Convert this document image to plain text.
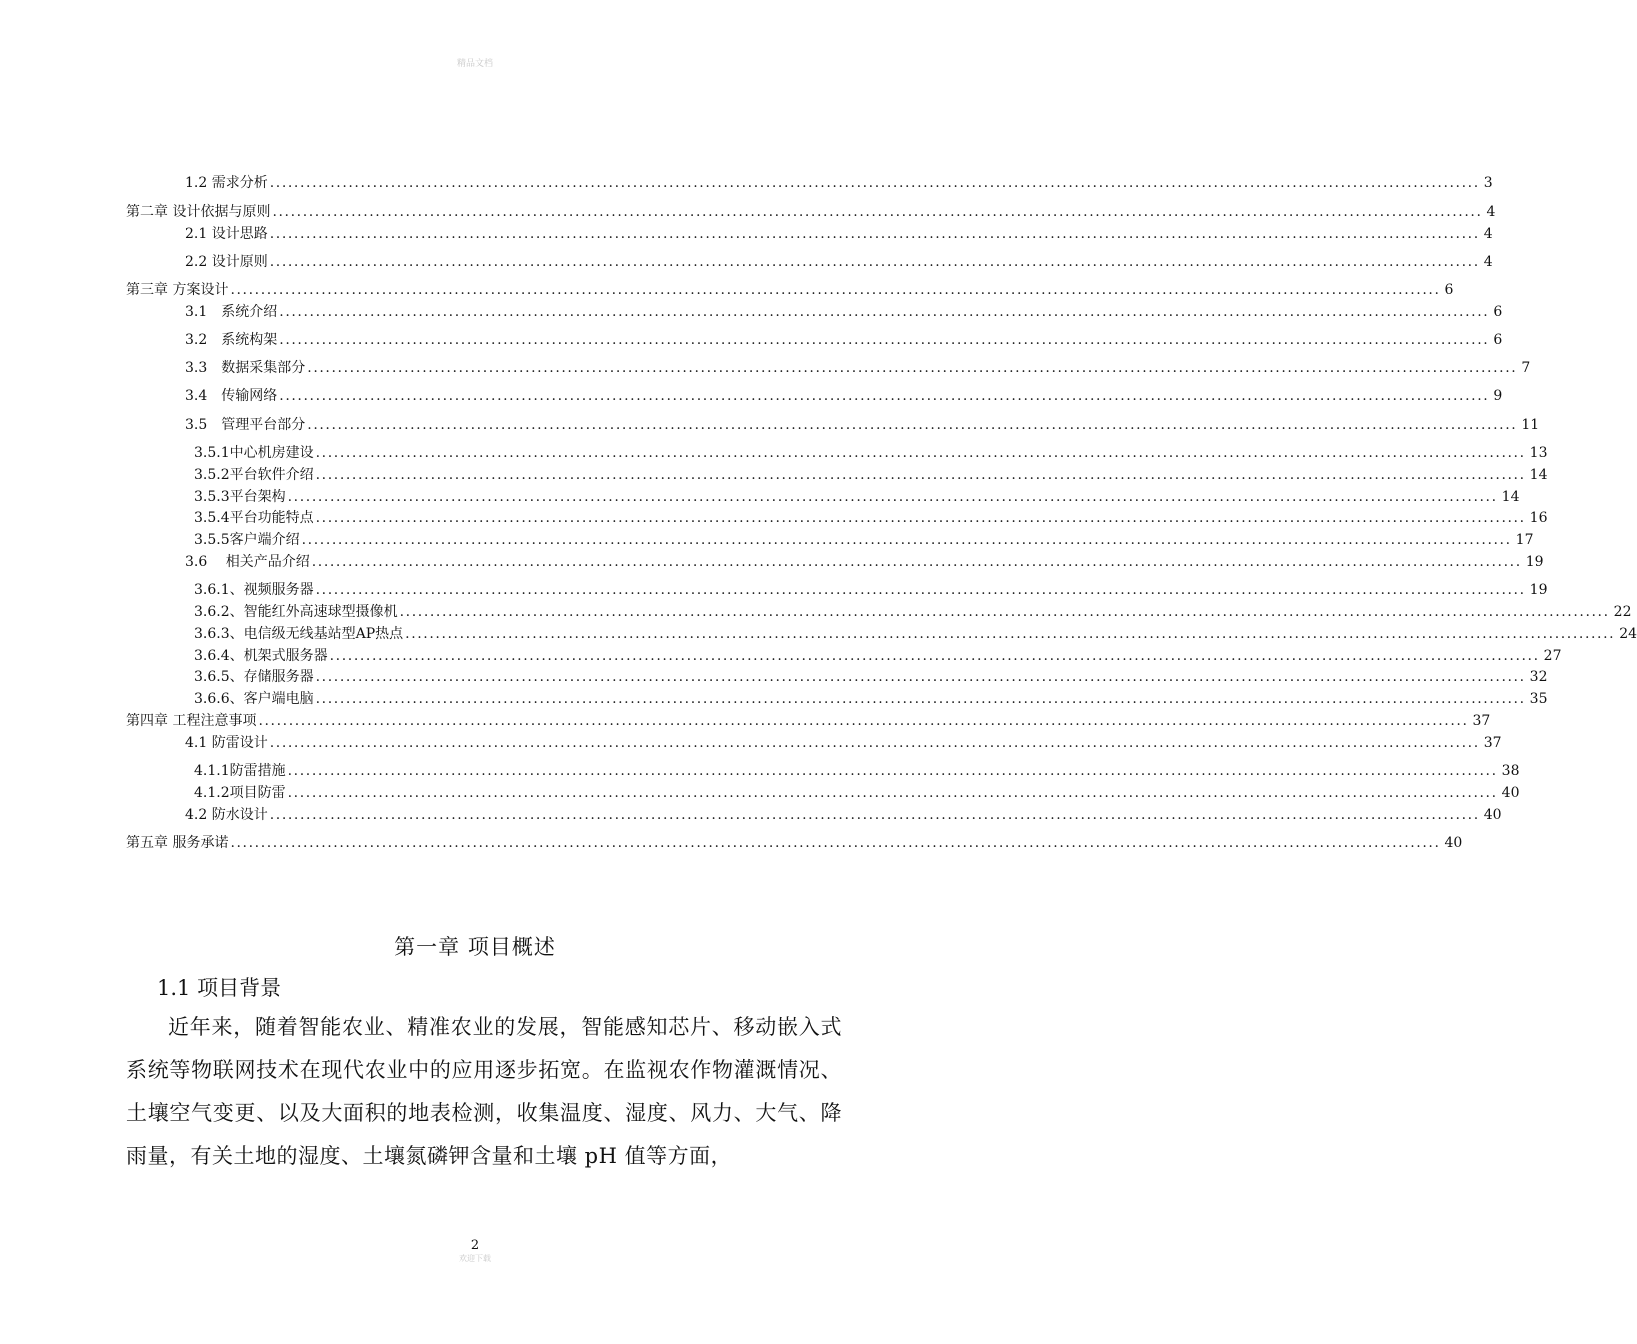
精品文档
1.2 需求分析 ........................................................................................................................................................................................................ 3
第二章 设计依据与原则 ........................................................................................................................................................................................................ 4
2.1 设计思路 ........................................................................................................................................................................................................ 4
2.2 设计原则 ........................................................................................................................................................................................................ 4
第三章 方案设计 ........................................................................................................................................................................................................ 6
3.1　系统介绍 ........................................................................................................................................................................................................ 6
3.2　系统构架 ........................................................................................................................................................................................................ 6
3.3　数据采集部分 ........................................................................................................................................................................................................ 7
3.4　传输网络 ........................................................................................................................................................................................................ 9
3.5　管理平台部分 ........................................................................................................................................................................................................ 11
3.5.1中心机房建设 ........................................................................................................................................................................................................ 13
3.5.2平台软件介绍 ........................................................................................................................................................................................................ 14
3.5.3平台架构 ........................................................................................................................................................................................................ 14
3.5.4平台功能特点 ........................................................................................................................................................................................................ 16
3.5.5客户端介绍 ........................................................................................................................................................................................................ 17
3.6　 相关产品介绍 ........................................................................................................................................................................................................ 19
3.6.1、视频服务器 ........................................................................................................................................................................................................ 19
3.6.2、智能红外高速球型摄像机 ........................................................................................................................................................................................................ 22
3.6.3、电信级无线基站型AP热点 ........................................................................................................................................................................................................ 24
3.6.4、机架式服务器 ........................................................................................................................................................................................................ 27
3.6.5、存储服务器 ........................................................................................................................................................................................................ 32
3.6.6、客户端电脑 ........................................................................................................................................................................................................ 35
第四章 工程注意事项 ........................................................................................................................................................................................................ 37
4.1 防雷设计 ........................................................................................................................................................................................................ 37
4.1.1防雷措施 ........................................................................................................................................................................................................ 38
4.1.2项目防雷 ........................................................................................................................................................................................................ 40
4.2 防水设计 ........................................................................................................................................................................................................ 40
第五章 服务承诺 ........................................................................................................................................................................................................ 40
第一章 项目概述
1.1 项目背景
近年来，随着智能农业、精准农业的发展，智能感知芯片、移动嵌入式系统等物联网技术在现代农业中的应用逐步拓宽。在监视农作物灌溉情况、土壤空气变更、以及大面积的地表检测，收集温度、湿度、风力、大气、降雨量，有关土地的湿度、土壤氮磷钾含量和土壤 pH 值等方面，
2
欢迎下载
